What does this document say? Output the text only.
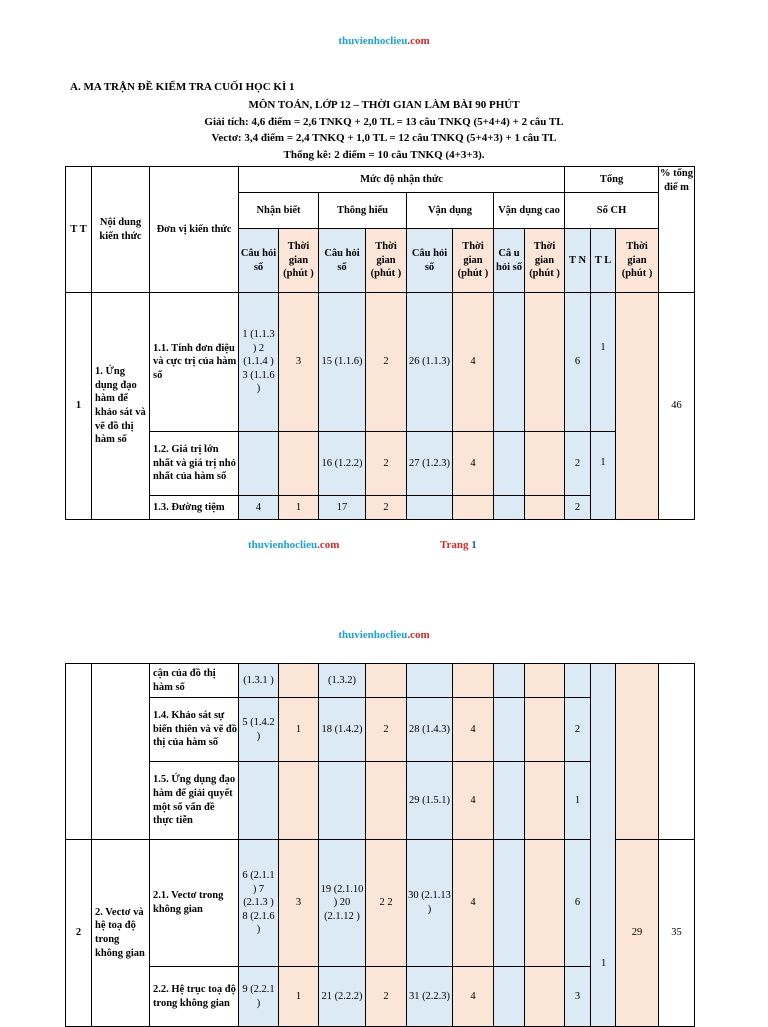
thuvienhoclieu.com
A. MA TRẬN ĐỀ KIỂM TRA CUỐI HỌC KÌ 1
MÔN TOÁN, LỚP 12 – THỜI GIAN LÀM BÀI 90 PHÚT
Giải tích: 4,6 điểm = 2,6 TNKQ + 2,0 TL = 13 câu TNKQ (5+4+4) + 2 câu TL
Vectơ: 3,4 điểm = 2,4 TNKQ + 1,0 TL = 12 câu TNKQ (5+4+3) + 1 câu TL
Thống kê: 2 điểm = 10 câu TNKQ (4+3+3).
T T	Nội dung kiến thức	Đơn vị kiến thức	Mức độ nhận thức								Tổng			% tổng điể m
			Nhận biết		Thông hiểu		Vận dụng		Vận dụng cao		Số CH			
			Câu hỏi số	Thời gian (phút )	Câu hỏi số	Thời gian (phút )	Câu hỏi số	Thời gian (phút )	Câ u hỏi số	Thời gian (phút )	T N	T L	Thời gian (phút )	
1	1. Ứng dụng đạo hàm để khảo sát và vẽ đồ thị hàm số	1.1. Tính đơn điệu và cực trị của hàm số	1 (1.1.3 ) 2 (1.1.4 ) 3 (1.1.6 )	3	15 (1.1.6)	2	26 (1.1.3)	4			6	1		46
		1.2. Giá trị lớn nhất và giá trị nhỏ nhất của hàm số			16 (1.2.2)	2	27 (1.2.3)	4			2	1		
		1.3. Đường tiệm	4	1	17	2					2			
thuvienhoclieu.com	Trang 1
thuvienhoclieu.com
		cận của đồ thị hàm số	(1.3.1 )		(1.3.2)									
		1.4. Khảo sát sự biến thiên và vẽ đồ thị của hàm số	5 (1.4.2 )	1	18 (1.4.2)	2	28 (1.4.3)	4			2			
		1.5. Ứng dụng đạo hàm để giải quyết một số vấn đề thực tiễn					29 (1.5.1)	4			1			
2	2. Vectơ và hệ toạ độ trong không gian	2.1. Vectơ trong không gian	6 (2.1.1 ) 7 (2.1.3 ) 8 (2.1.6 )	3	19 (2.1.10 ) 20 (2.1.12 )	2 2	30 (2.1.13 )	4			6		29	35
		2.2. Hệ trục toạ độ trong không gian	9 (2.2.1 )	1	21 (2.2.2)	2	31 (2.2.3)	4			3			
1
